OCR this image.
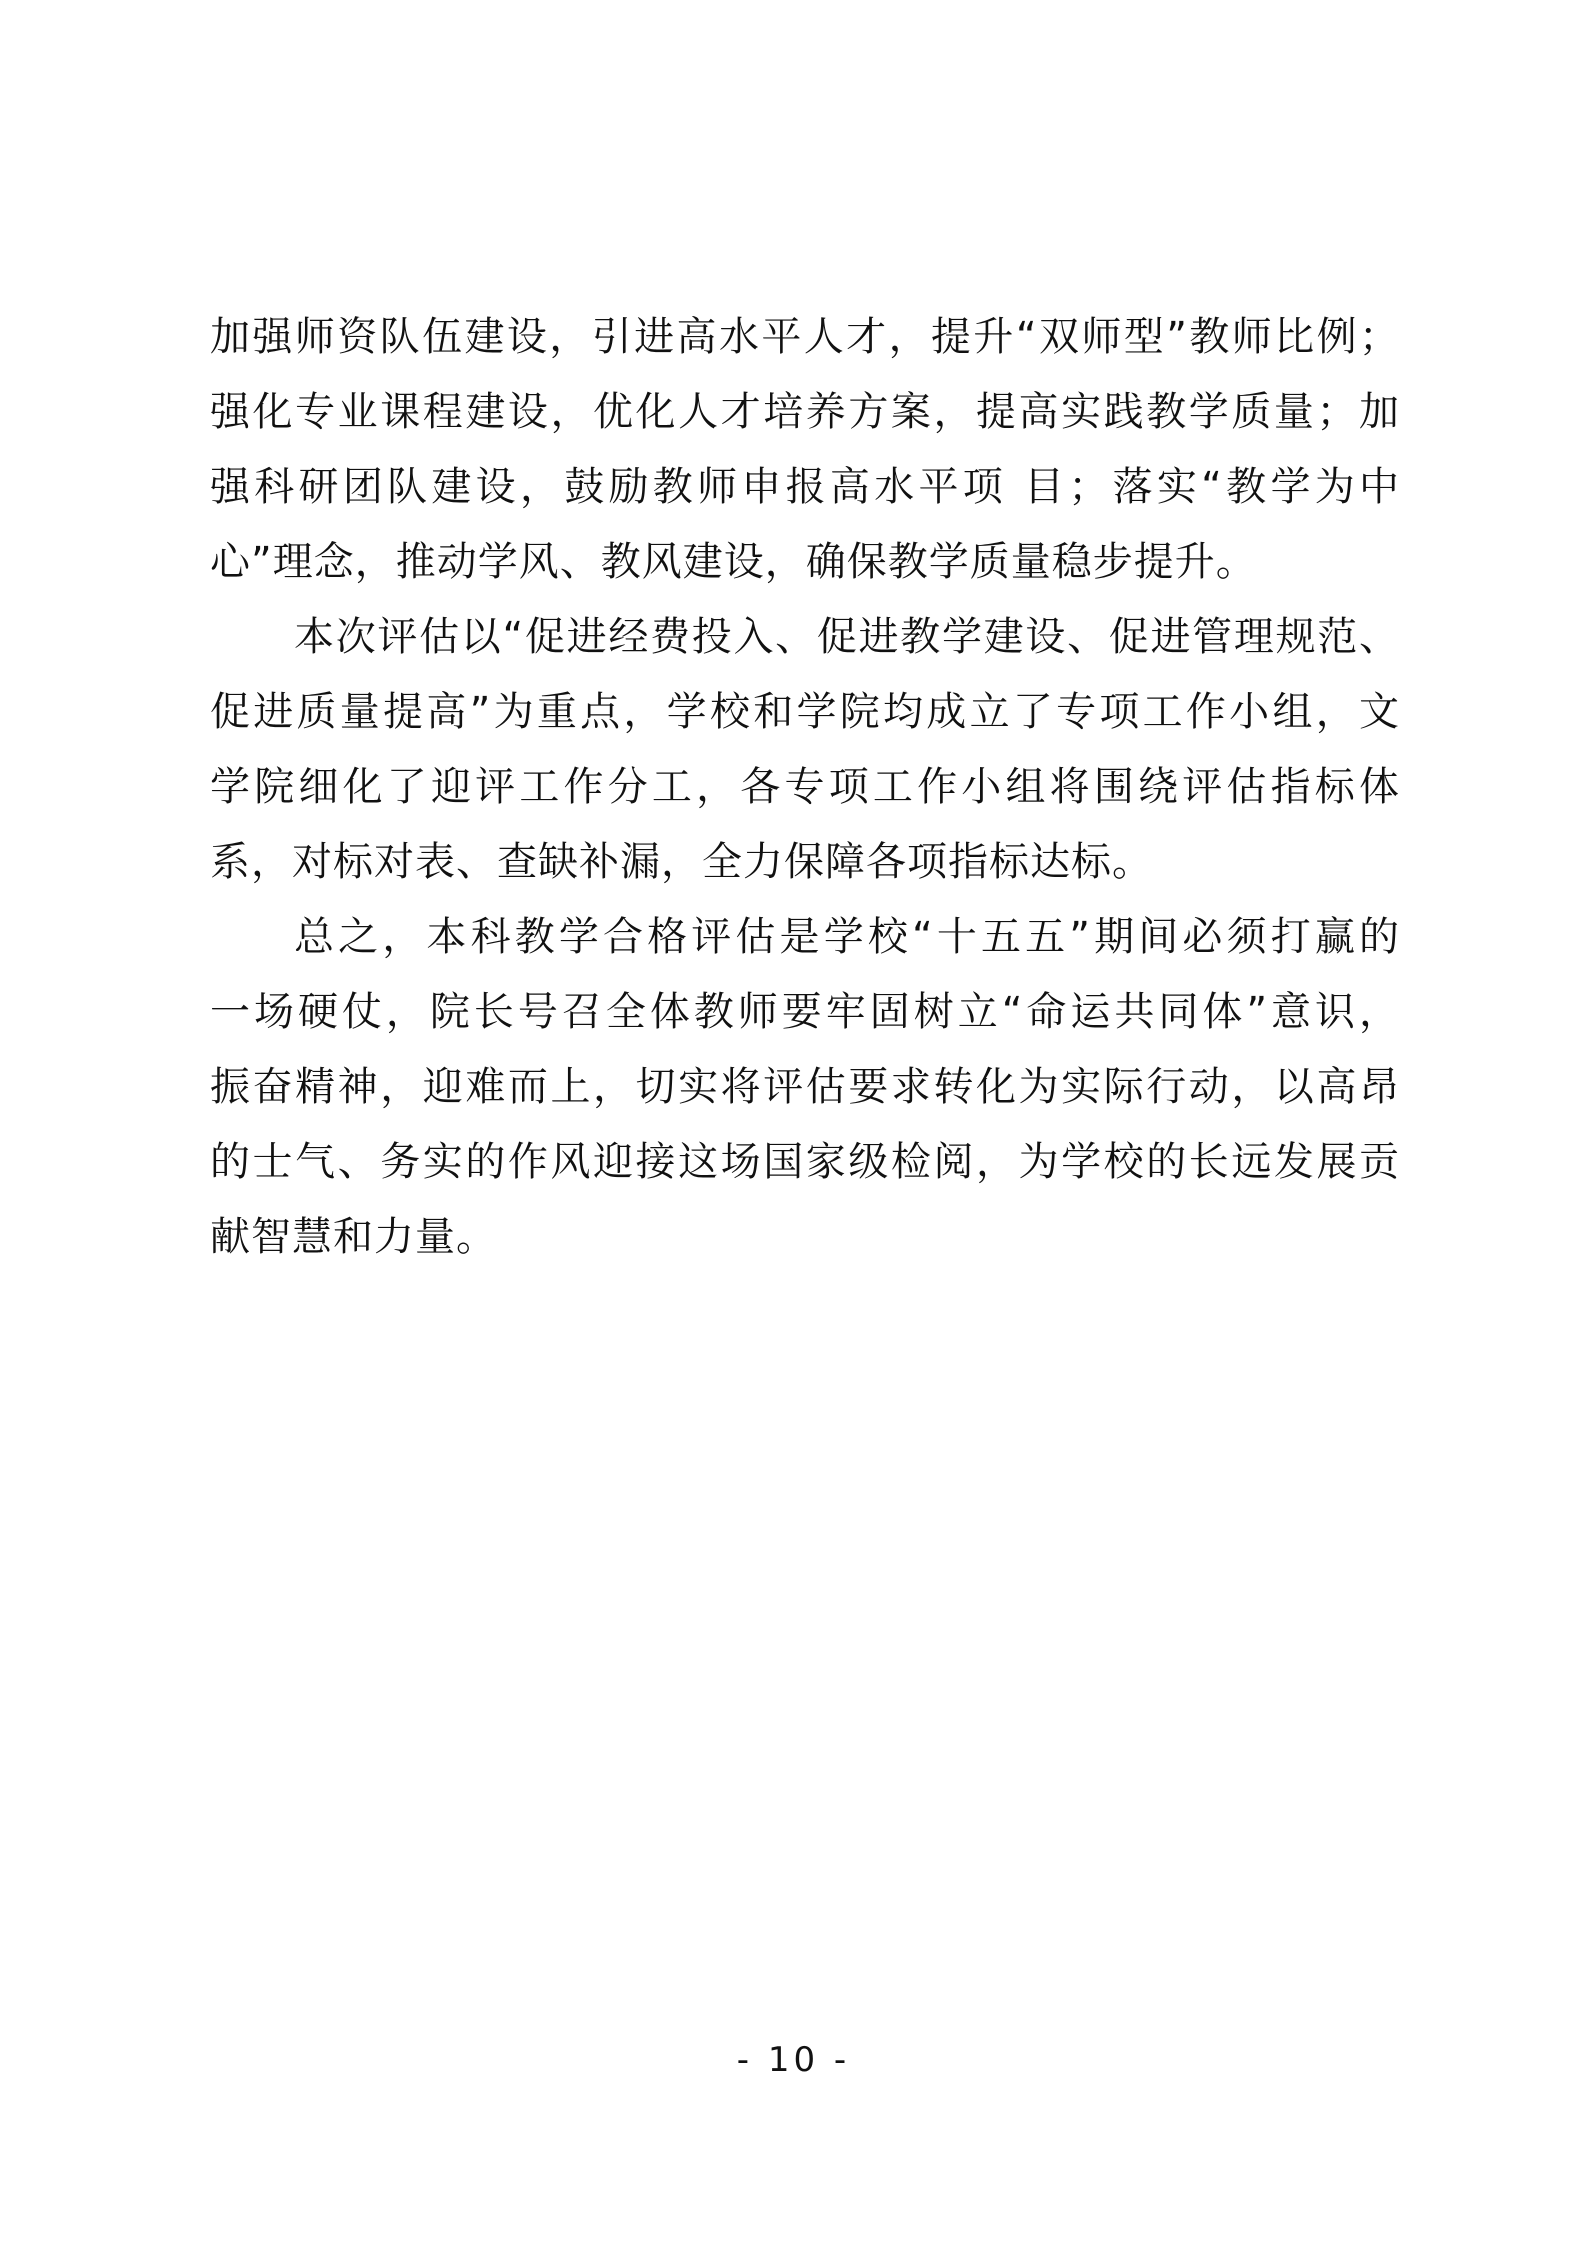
加强师资队伍建设，引进高水平人才，提升“双师型”教师比例；
强化专业课程建设，优化人才培养方案，提高实践教学质量；加
强科研团队建设，鼓励教师申报高水平项 目；落实“教学为中
心”理念，推动学风、教风建设，确保教学质量稳步提升。
本次评估以“促进经费投入、促进教学建设、促进管理规范、
促进质量提高”为重点，学校和学院均成立了专项工作小组，文
学院细化了迎评工作分工，各专项工作小组将围绕评估指标体
系，对标对表、查缺补漏，全力保障各项指标达标。
总之，本科教学合格评估是学校“十五五”期间必须打赢的
一场硬仗，院长号召全体教师要牢固树立“命运共同体”意识，
振奋精神，迎难而上，切实将评估要求转化为实际行动，以高昂
的士气、务实的作风迎接这场国家级检阅，为学校的长远发展贡
献智慧和力量。
- 10 -
